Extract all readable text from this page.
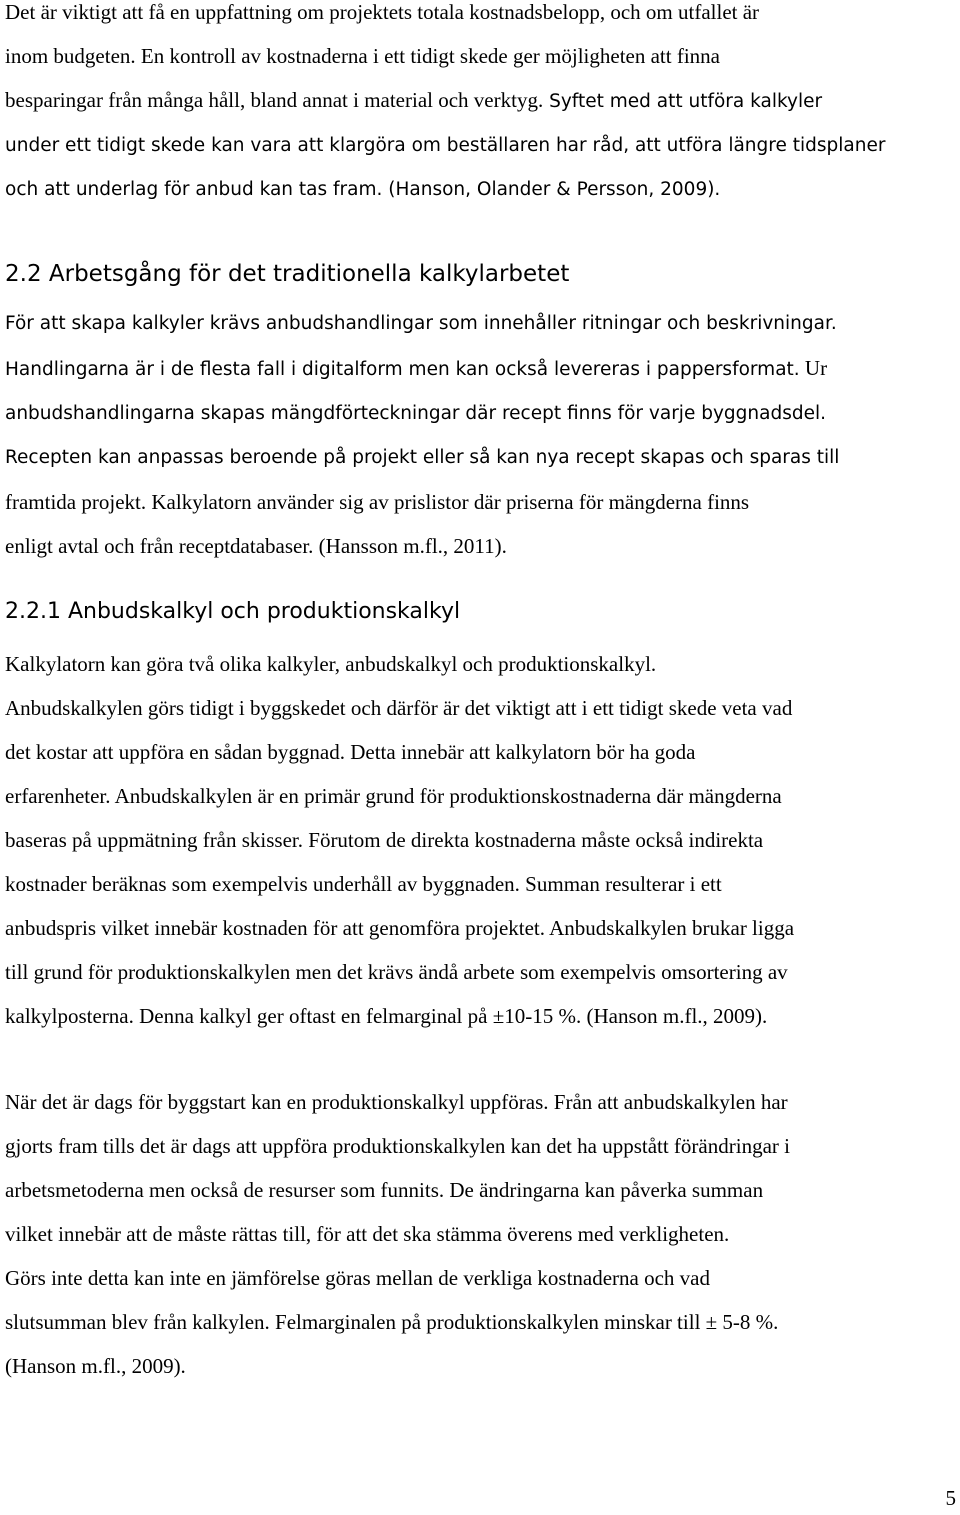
Det är viktigt att få en uppfattning om projektets totala kostnadsbelopp, och om utfallet är
inom budgeten. En kontroll av kostnaderna i ett tidigt skede ger möjligheten att finna
besparingar från många håll, bland annat i material och verktyg. Syftet med att utföra kalkyler
under ett tidigt skede kan vara att klargöra om beställaren har råd, att utföra längre tidsplaner
och att underlag för anbud kan tas fram. (Hanson, Olander & Persson, 2009).
2.2 Arbetsgång för det traditionella kalkylarbetet
För att skapa kalkyler krävs anbudshandlingar som innehåller ritningar och beskrivningar.
Handlingarna är i de flesta fall i digitalform men kan också levereras i pappersformat. Ur
anbudshandlingarna skapas mängdförteckningar där recept finns för varje byggnadsdel.
Recepten kan anpassas beroende på projekt eller så kan nya recept skapas och sparas till
framtida projekt. Kalkylatorn använder sig av prislistor där priserna för mängderna finns
enligt avtal och från receptdatabaser. (Hansson m.fl., 2011).
2.2.1 Anbudskalkyl och produktionskalkyl
Kalkylatorn kan göra två olika kalkyler, anbudskalkyl och produktionskalkyl.
Anbudskalkylen görs tidigt i byggskedet och därför är det viktigt att i ett tidigt skede veta vad
det kostar att uppföra en sådan byggnad. Detta innebär att kalkylatorn bör ha goda
erfarenheter. Anbudskalkylen är en primär grund för produktionskostnaderna där mängderna
baseras på uppmätning från skisser. Förutom de direkta kostnaderna måste också indirekta
kostnader beräknas som exempelvis underhåll av byggnaden. Summan resulterar i ett
anbudspris vilket innebär kostnaden för att genomföra projektet. Anbudskalkylen brukar ligga
till grund för produktionskalkylen men det krävs ändå arbete som exempelvis omsortering av
kalkylposterna. Denna kalkyl ger oftast en felmarginal på ±10-15 %. (Hanson m.fl., 2009).
När det är dags för byggstart kan en produktionskalkyl uppföras. Från att anbudskalkylen har
gjorts fram tills det är dags att uppföra produktionskalkylen kan det ha uppstått förändringar i
arbetsmetoderna men också de resurser som funnits. De ändringarna kan påverka summan
vilket innebär att de måste rättas till, för att det ska stämma överens med verkligheten.
Görs inte detta kan inte en jämförelse göras mellan de verkliga kostnaderna och vad
slutsumman blev från kalkylen. Felmarginalen på produktionskalkylen minskar till ± 5-8 %.
(Hanson m.fl., 2009).
5
